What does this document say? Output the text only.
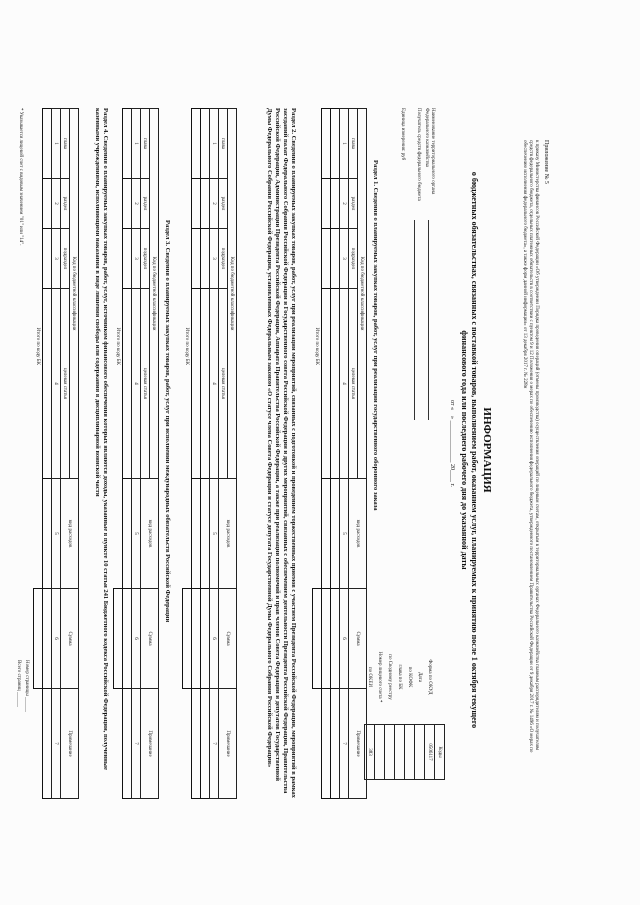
Приложение № 5
к приказу Министерства финансов Российской Федерации «Об утверждении Порядка проведения операций (отмены производства) осуществления операций по лицевым счетам, открытым в территориальных органах Федерального казначейства главным распорядителям и получателям средств федерального бюджета, отдельных платежных обязательств в соответствии с пунктом 9 и 12 Положения о мерах по обеспечению исполнения федерального бюджета, утвержденного постановлением Правительства Российской Федерации от 9 декабря 2017 г. № 1496 «О мерах по обеспечению исполнения федерального бюджета», а также форм данной информации» от 13 декабря 2017 г. № 228н
ИНФОРМАЦИЯ
о бюджетных обязательствах, связанных с поставкой товаров, выполнением работ, оказанием услуг, планируемых к принятию после 1 октября текущего финансового года или последнего рабочего дня до указанной даты
от «    » ______________ 20____ г.
Наименование территориального органа Федерального казначейства
Получатель средств федерального бюджета
Единица измерения: руб
	Коды
Форма по ОКУД	0506117
Дата	
по КОФК	
глава по БК	
по Сводному реестру	
Номер лицевого счета *	
по ОКЕИ	383
Раздел 1. Сведения о планируемых закупках товаров, работ, услуг при реализации государственного оборонного заказа
Код по бюджетной классификации				вид расходов	Сумма	Примечание
глава	раздел	подраздел	целевая статья			
1	2	3	4	5	6	7

Итого по коду БК						
Раздел 2. Сведения о планируемых закупках товаров, работ, услуг при реализации мероприятий, связанных с подготовкой и проведением торжественных приемов с участием Президента Российской Федерации, мероприятий в рамках заседаний палат Федерального Собрания Российской Федерации и Государственного совета Российской Федерации и других мероприятий, связанных с обеспечением деятельности Президента Российской Федерации, Правительства Российской Федерации, Администрации Президента Российской Федерации, Аппарата Правительства Российской Федерации, а также при реализации полномочий и прав членов Совета Федерации и депутатов Государственной Думы Федерального Собрания Российской Федерации, установленных Федеральным законом «О статусе члена Совета Федерации и статусе депутата Государственной Думы Федерального Собрания Российской Федерации»
Код по бюджетной классификации				вид расходов	Сумма	Примечание
глава	раздел	подраздел	целевая статья			
1	2	3	4	5	6	7

Итого по коду БК						
Раздел 3. Сведения о планируемых закупках товаров, работ, услуг при исполнении международных обязательств Российской Федерации
Код по бюджетной классификации				вид расходов	Сумма	Примечание
глава	раздел	подраздел	целевая статья			
1	2	3	4	5	6	7

Итого по коду БК						
Раздел 4. Сведения о планируемых закупках товаров, работ, услуг, источником финансового обеспечения которых являются доходы, указанные в пункте 10 статьи 241 Бюджетного кодекса Российской Федерации, полученные казенными учреждениями, исполняющими наказания в виде лишения свободы или содержания в дисциплинарной воинской части
Код по бюджетной классификации				вид расходов	Сумма	Примечание
глава	раздел	подраздел	целевая статья			
1	2	3	4	5	6	7

Итого по коду БК						
* Указывается лицевой счет с видовым значением "01" или "14".
Номер страницы ______
Всего страниц ______
